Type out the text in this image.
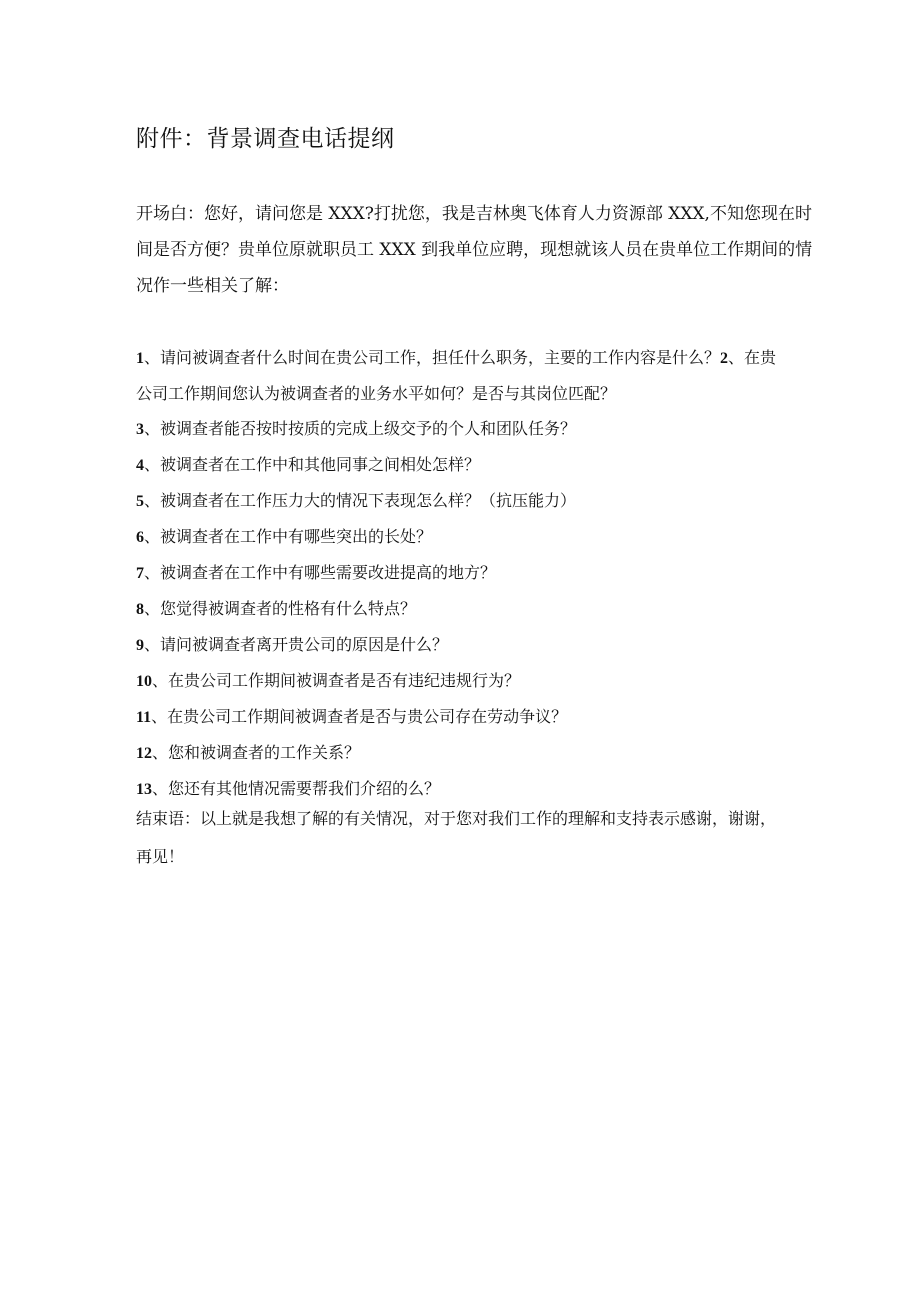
附件：背景调查电话提纲
开场白：您好，请问您是 XXX?打扰您，我是吉林奥飞体育人力资源部 XXX,不知您现在时
间是否方便？贵单位原就职员工 XXX 到我单位应聘，现想就该人员在贵单位工作期间的情
况作一些相关了解：
1、请问被调查者什么时间在贵公司工作，担任什么职务，主要的工作内容是什么？2、在贵
公司工作期间您认为被调查者的业务水平如何？是否与其岗位匹配？
3、被调查者能否按时按质的完成上级交予的个人和团队任务？
4、被调查者在工作中和其他同事之间相处怎样？
5、被调查者在工作压力大的情况下表现怎么样？（抗压能力）
6、被调查者在工作中有哪些突出的长处？
7、被调查者在工作中有哪些需要改进提高的地方？
8、您觉得被调查者的性格有什么特点？
9、请问被调查者离开贵公司的原因是什么？
10、在贵公司工作期间被调查者是否有违纪违规行为？
11、在贵公司工作期间被调查者是否与贵公司存在劳动争议？
12、您和被调查者的工作关系？
13、您还有其他情况需要帮我们介绍的么？
结束语：以上就是我想了解的有关情况，对于您对我们工作的理解和支持表示感谢，谢谢，
再见！
